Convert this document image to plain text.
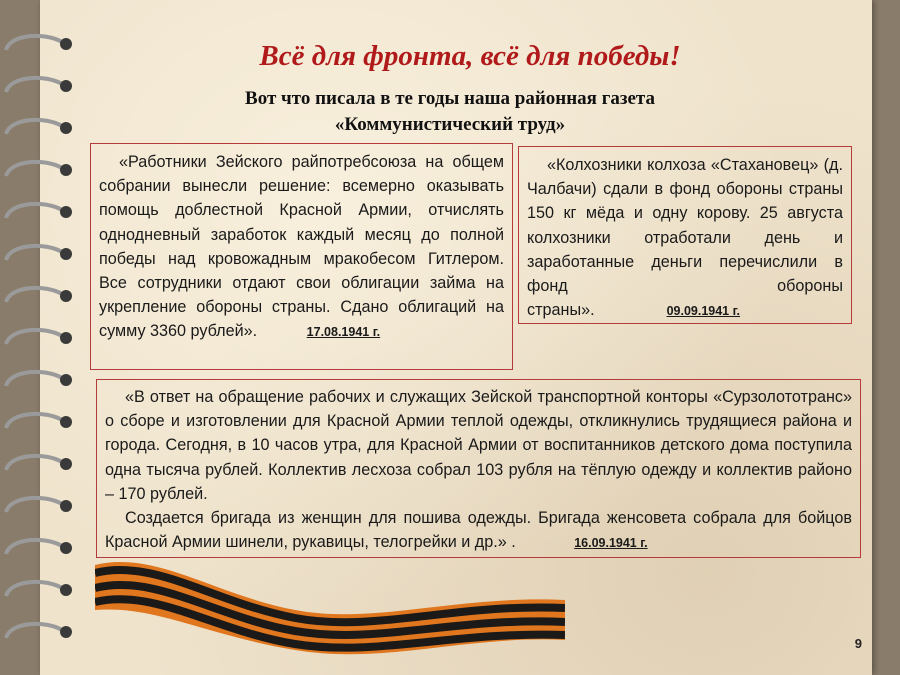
Всё для фронта, всё для победы!
Вот что писала в те годы наша районная газета
«Коммунистический труд»

«Работники Зейского райпотребсоюза на общем собрании вынесли решение: всемерно оказывать помощь доблестной Красной Армии, отчислять однодневный заработок каждый месяц до полной победы над кровожадным мракобесом Гитлером. Все сотрудники отдают свои облигации займа на укрепление обороны страны. Сдано облигаций на сумму 3360 рублей».	17.08.1941 г.

«Колхозники колхоза «Стахановец» (д. Чалбачи) сдали в фонд обороны страны 150 кг мёда и одну корову. 25 августа колхозники отработали день и заработанные деньги перечислили в фонд обороны страны».	09.09.1941 г.

«В ответ на обращение рабочих и служащих Зейской транспортной конторы «Сурзолототранс» о сборе и изготовлении для Красной Армии теплой одежды, откликнулись трудящиеся района и города. Сегодня, в 10 часов утра, для Красной Армии от воспитанников детского дома поступила одна тысяча рублей. Коллектив лесхоза собрал 103 рубля на тёплую одежду и коллектив районо – 170 рублей.

Создается бригада из женщин для пошива одежды. Бригада женсовета собрала для бойцов Красной Армии шинели, рукавицы, телогрейки и др.» .	16.09.1941 г.

9
